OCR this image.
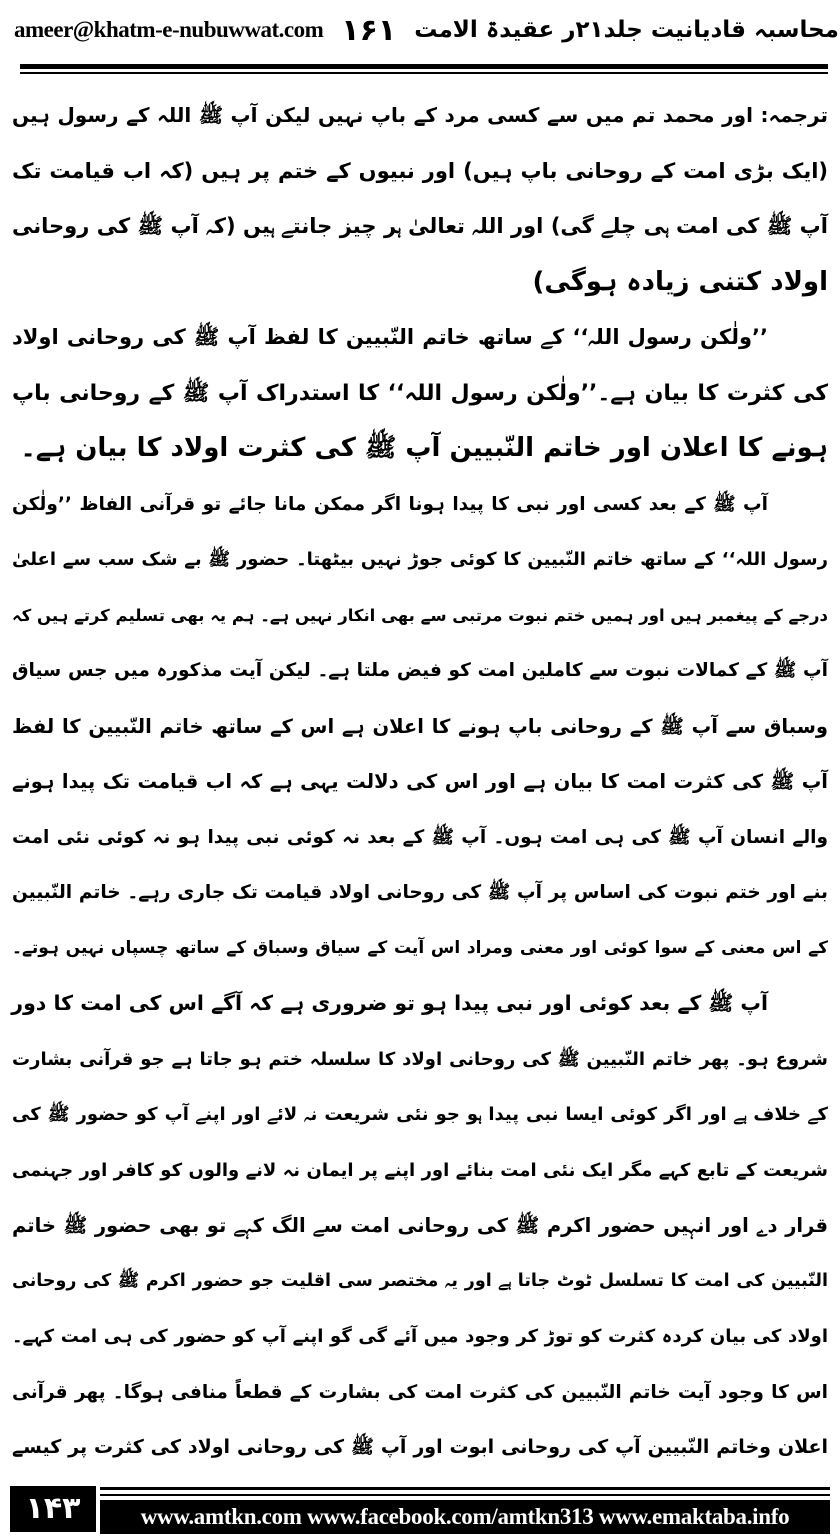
ameer@khatm-e-nubuwwat.com ۱۶۱ محاسبہ قادیانیت جلد۲۱ر عقیدۃ الامت
ترجمہ: اور محمد تم میں سے کسی مرد کے باپ نہیں لیکن آپ ﷺ اللہ کے رسول ہیں
(ایک بڑی امت کے روحانی باپ ہیں) اور نبیوں کے ختم پر ہیں (کہ اب قیامت تک
آپ ﷺ کی امت ہی چلے گی) اور اللہ تعالیٰ ہر چیز جانتے ہیں (کہ آپ ﷺ کی روحانی
اولاد کتنی زیادہ ہوگی)
’’ولٰکن رسول اللہ‘‘ کے ساتھ خاتم النّبیین کا لفظ آپ ﷺ کی روحانی اولاد
کی کثرت کا بیان ہے۔’’ولٰکن رسول اللہ‘‘ کا استدراک آپ ﷺ کے روحانی باپ
ہونے کا اعلان اور خاتم النّبیین آپ ﷺ کی کثرت اولاد کا بیان ہے۔
آپ ﷺ کے بعد کسی اور نبی کا پیدا ہونا اگر ممکن مانا جائے تو قرآنی الفاظ ’’ولٰکن
رسول اللہ‘‘ کے ساتھ خاتم النّبیین کا کوئی جوڑ نہیں بیٹھتا۔ حضور ﷺ بے شک سب سے اعلیٰ
درجے کے پیغمبر ہیں اور ہمیں ختم نبوت مرتبی سے بھی انکار نہیں ہے۔ ہم یہ بھی تسلیم کرتے ہیں کہ
آپ ﷺ کے کمالات نبوت سے کاملین امت کو فیض ملتا ہے۔ لیکن آیت مذکورہ میں جس سیاق
وسباق سے آپ ﷺ کے روحانی باپ ہونے کا اعلان ہے اس کے ساتھ خاتم النّبیین کا لفظ
آپ ﷺ کی کثرت امت کا بیان ہے اور اس کی دلالت یہی ہے کہ اب قیامت تک پیدا ہونے
والے انسان آپ ﷺ کی ہی امت ہوں۔ آپ ﷺ کے بعد نہ کوئی نبی پیدا ہو نہ کوئی نئی امت
بنے اور ختم نبوت کی اساس پر آپ ﷺ کی روحانی اولاد قیامت تک جاری رہے۔ خاتم النّبیین
کے اس معنی کے سوا کوئی اور معنی ومراد اس آیت کے سیاق وسباق کے ساتھ چسپاں نہیں ہوتے۔
آپ ﷺ کے بعد کوئی اور نبی پیدا ہو تو ضروری ہے کہ آگے اس کی امت کا دور
شروع ہو۔ پھر خاتم النّبیین ﷺ کی روحانی اولاد کا سلسلہ ختم ہو جاتا ہے جو قرآنی بشارت
کے خلاف ہے اور اگر کوئی ایسا نبی پیدا ہو جو نئی شریعت نہ لائے اور اپنے آپ کو حضور ﷺ کی
شریعت کے تابع کہے مگر ایک نئی امت بنائے اور اپنے پر ایمان نہ لانے والوں کو کافر اور جہنمی
قرار دے اور انہیں حضور اکرم ﷺ کی روحانی امت سے الگ کہے تو بھی حضور ﷺ خاتم
النّبیین کی امت کا تسلسل ٹوٹ جاتا ہے اور یہ مختصر سی اقلیت جو حضور اکرم ﷺ کی روحانی
اولاد کی بیان کردہ کثرت کو توڑ کر وجود میں آئے گی گو اپنے آپ کو حضور کی ہی امت کہے۔
اس کا وجود آیت خاتم النّبیین کی کثرت امت کی بشارت کے قطعاً منافی ہوگا۔ پھر قرآنی
اعلان وخاتم النّبیین آپ کی روحانی ابوت اور آپ ﷺ کی روحانی اولاد کی کثرت پر کیسے
۱۴۳	www.amtkn.com www.facebook.com/amtkn313 www.emaktaba.info
